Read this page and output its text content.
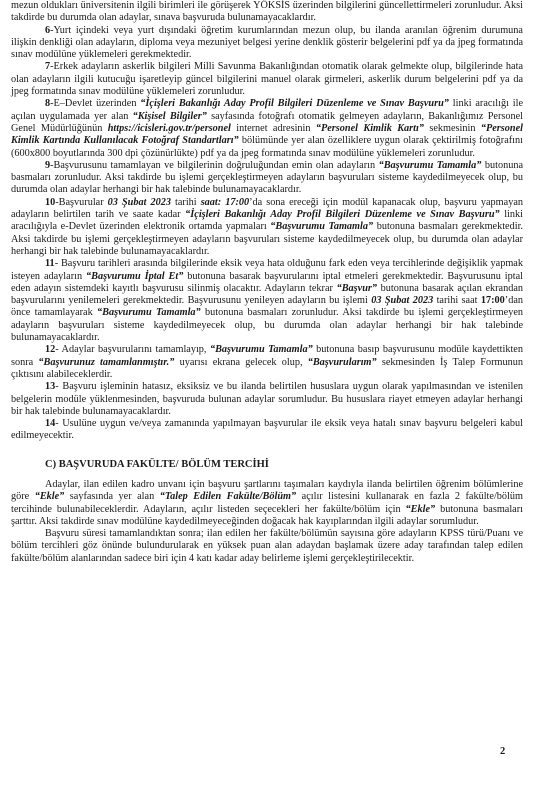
mezun oldukları üniversitenin ilgili birimleri ile görüşerek YÖKSİS üzerinden bilgilerini güncellettirmeleri zorunludur. Aksi takdirde bu durumda olan adaylar, sınava başvuruda bulunamayacaklardır.

6-Yurt içindeki veya yurt dışındaki öğretim kurumlarından mezun olup, bu ilanda aranılan öğrenim durumuna ilişkin denkliği olan adayların, diploma veya mezuniyet belgesi yerine denklik gösterir belgelerini pdf ya da jpeg formatında sınav modülüne yüklemeleri gerekmektedir.

7-Erkek adayların askerlik bilgileri Milli Savunma Bakanlığından otomatik olarak gelmekte olup, bilgilerinde hata olan adayların ilgili kutucuğu işaretleyip güncel bilgilerini manuel olarak girmeleri, askerlik durum belgelerini pdf ya da jpeg formatında sınav modülüne yüklemeleri zorunludur.

8-E–Devlet üzerinden “İçişleri Bakanlığı Aday Profil Bilgileri Düzenleme ve Sınav Başvuru” linki aracılığı ile açılan uygulamada yer alan “Kişisel Bilgiler” sayfasında fotoğrafı otomatik gelmeyen adayların, Bakanlığımız Personel Genel Müdürlüğünün https://icisleri.gov.tr/personel internet adresinin “Personel Kimlik Kartı” sekmesinin “Personel Kimlik Kartında Kullanılacak Fotoğraf Standartları” bölümünde yer alan özelliklere uygun olarak çektirilmiş fotoğrafını (600x800 boyutlarında 300 dpi çözünürlükte) pdf ya da jpeg formatında sınav modülüne yüklemeleri zorunludur.

9-Başvurusunu tamamlayan ve bilgilerinin doğruluğundan emin olan adayların “Başvurumu Tamamla” butonuna basmaları zorunludur. Aksi takdirde bu işlemi gerçekleştirmeyen adayların başvuruları sisteme kaydedilmeyecek olup, bu durumda olan adaylar herhangi bir hak talebinde bulunamayacaklardır.

10-Başvurular 03 Şubat 2023 tarihi saat: 17:00’da sona ereceği için modül kapanacak olup, başvuru yapmayan adayların belirtilen tarih ve saate kadar “İçişleri Bakanlığı Aday Profil Bilgileri Düzenleme ve Sınav Başvuru” linki aracılığıyla e-Devlet üzerinden elektronik ortamda yapmaları “Başvurumu Tamamla” butonuna basmaları gerekmektedir. Aksi takdirde bu işlemi gerçekleştirmeyen adayların başvuruları sisteme kaydedilmeyecek olup, bu durumda olan adaylar herhangi bir hak talebinde bulunamayacaklardır.

11- Başvuru tarihleri arasında bilgilerinde eksik veya hata olduğunu fark eden veya tercihlerinde değişiklik yapmak isteyen adayların “Başvurumu İptal Et” butonuna basarak başvurularını iptal etmeleri gerekmektedir. Başvurusunu iptal eden adayın sistemdeki kayıtlı başvurusu silinmiş olacaktır. Adayların tekrar “Başvur” butonuna basarak açılan ekrandan başvurularını yenilemeleri gerekmektedir. Başvurusunu yenileyen adayların bu işlemi 03 Şubat 2023 tarihi saat 17:00’dan önce tamamlayarak “Başvurumu Tamamla” butonuna basmaları zorunludur. Aksi takdirde bu işlemi gerçekleştirmeyen adayların başvuruları sisteme kaydedilmeyecek olup, bu durumda olan adaylar herhangi bir hak talebinde bulunamayacaklardır.

12- Adaylar başvurularını tamamlayıp, “Başvurumu Tamamla” butonuna basıp başvurusunu modüle kaydettikten sonra “Başvurunuz tamamlanmıştır.” uyarısı ekrana gelecek olup, “Başvurularım” sekmesinden İş Talep Formunun çıktısını alabileceklerdir.

13- Başvuru işleminin hatasız, eksiksiz ve bu ilanda belirtilen hususlara uygun olarak yapılmasından ve istenilen belgelerin modüle yüklenmesinden, başvuruda bulunan adaylar sorumludur. Bu hususlara riayet etmeyen adaylar herhangi bir hak talebinde bulunamayacaklardır.

14- Usulüne uygun ve/veya zamanında yapılmayan başvurular ile eksik veya hatalı sınav başvuru belgeleri kabul edilmeyecektir.

C) BAŞVURUDA FAKÜLTE/ BÖLÜM TERCİHİ

Adaylar, ilan edilen kadro unvanı için başvuru şartlarını taşımaları kaydıyla ilanda belirtilen öğrenim bölümlerine göre “Ekle” sayfasında yer alan “Talep Edilen Fakülte/Bölüm” açılır listesini kullanarak en fazla 2 fakülte/bölüm tercihinde bulunabileceklerdir. Adayların, açılır listeden seçecekleri her fakülte/bölüm için “Ekle” butonuna basmaları şarttır. Aksi takdirde sınav modülüne kaydedilmeyeceğinden doğacak hak kayıplarından ilgili adaylar sorumludur.

Başvuru süresi tamamlandıktan sonra; ilan edilen her fakülte/bölümün sayısına göre adayların KPSS türü/Puanı ve bölüm tercihleri göz önünde bulundurularak en yüksek puan alan adaydan başlamak üzere aday tarafından talep edilen fakülte/bölüm alanlarından sadece biri için 4 katı kadar aday belirleme işlemi gerçekleştirilecektir.

2
